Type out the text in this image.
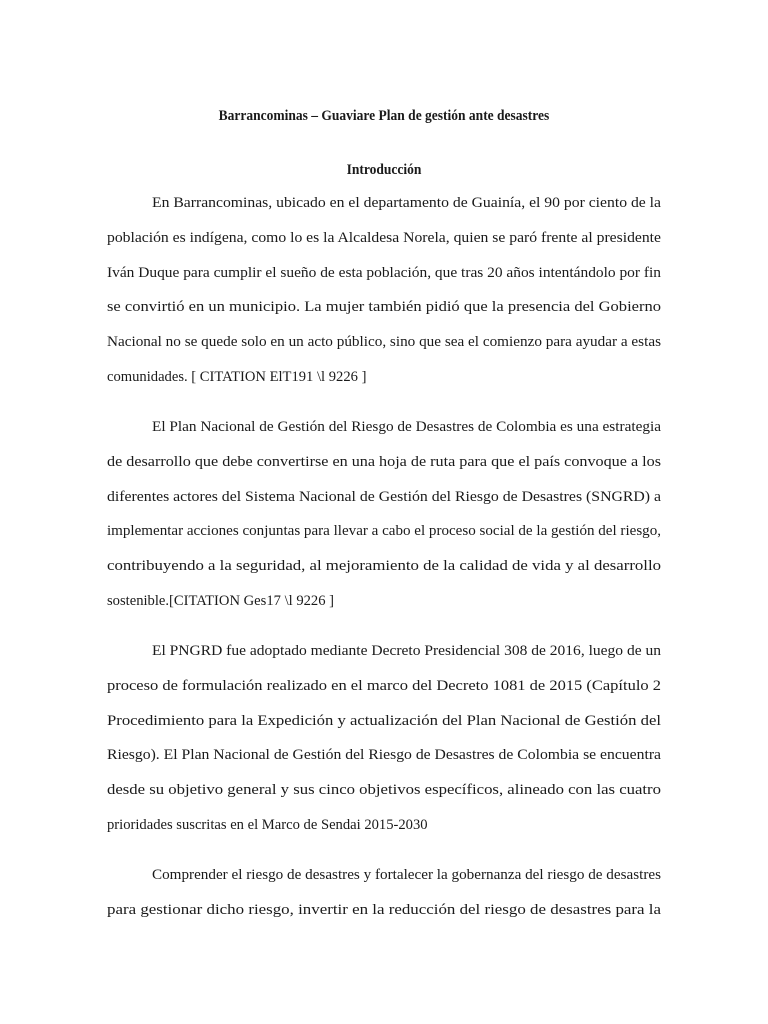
Barrancominas – Guaviare Plan de gestión ante desastres
Introducción
En Barrancominas, ubicado en el departamento de Guainía, el 90 por ciento de la
población es indígena, como lo es la Alcaldesa Norela, quien se paró frente al presidente
Iván Duque para cumplir el sueño de esta población, que tras 20 años intentándolo por fin
se convirtió en un municipio. La mujer también pidió que la presencia del Gobierno
Nacional no se quede solo en un acto público, sino que sea el comienzo para ayudar a estas
comunidades. [ CITATION ElT191 \l 9226 ]
El Plan Nacional de Gestión del Riesgo de Desastres de Colombia es una estrategia
de desarrollo que debe convertirse en una hoja de ruta para que el país convoque a los
diferentes actores del Sistema Nacional de Gestión del Riesgo de Desastres (SNGRD) a
implementar acciones conjuntas para llevar a cabo el proceso social de la gestión del riesgo,
contribuyendo a la seguridad, al mejoramiento de la calidad de vida y al desarrollo
sostenible.[CITATION Ges17 \l 9226 ]
El PNGRD fue adoptado mediante Decreto Presidencial 308 de 2016, luego de un
proceso de formulación realizado en el marco del Decreto 1081 de 2015 (Capítulo 2
Procedimiento para la Expedición y actualización del Plan Nacional de Gestión del
Riesgo). El Plan Nacional de Gestión del Riesgo de Desastres de Colombia se encuentra
desde su objetivo general y sus cinco objetivos específicos, alineado con las cuatro
prioridades suscritas en el Marco de Sendai 2015-2030
Comprender el riesgo de desastres y fortalecer la gobernanza del riesgo de desastres
para gestionar dicho riesgo, invertir en la reducción del riesgo de desastres para la
